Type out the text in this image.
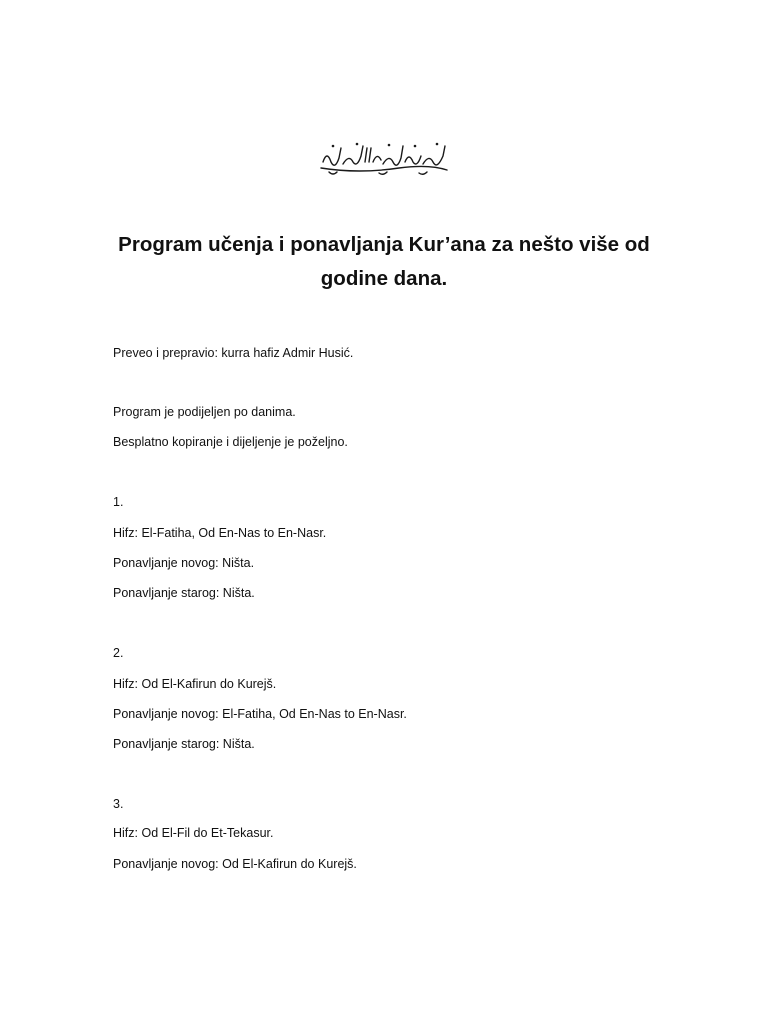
Program učenja i ponavljanja Kur’ana za nešto više od
godine dana.

Preveo i prepravio: kurra hafiz Admir Husić.

Program je podijeljen po danima.

Besplatno kopiranje i dijeljenje je poželjno.

1.

Hifz: El-Fatiha, Od En-Nas to En-Nasr.

Ponavljanje novog: Ništa.

Ponavljanje starog: Ništa.

2.

Hifz: Od El-Kafirun do Kurejš.

Ponavljanje novog: El-Fatiha, Od En-Nas to En-Nasr.

Ponavljanje starog: Ništa.

3.

Hifz: Od El-Fil do Et-Tekasur.

Ponavljanje novog: Od El-Kafirun do Kurejš.
